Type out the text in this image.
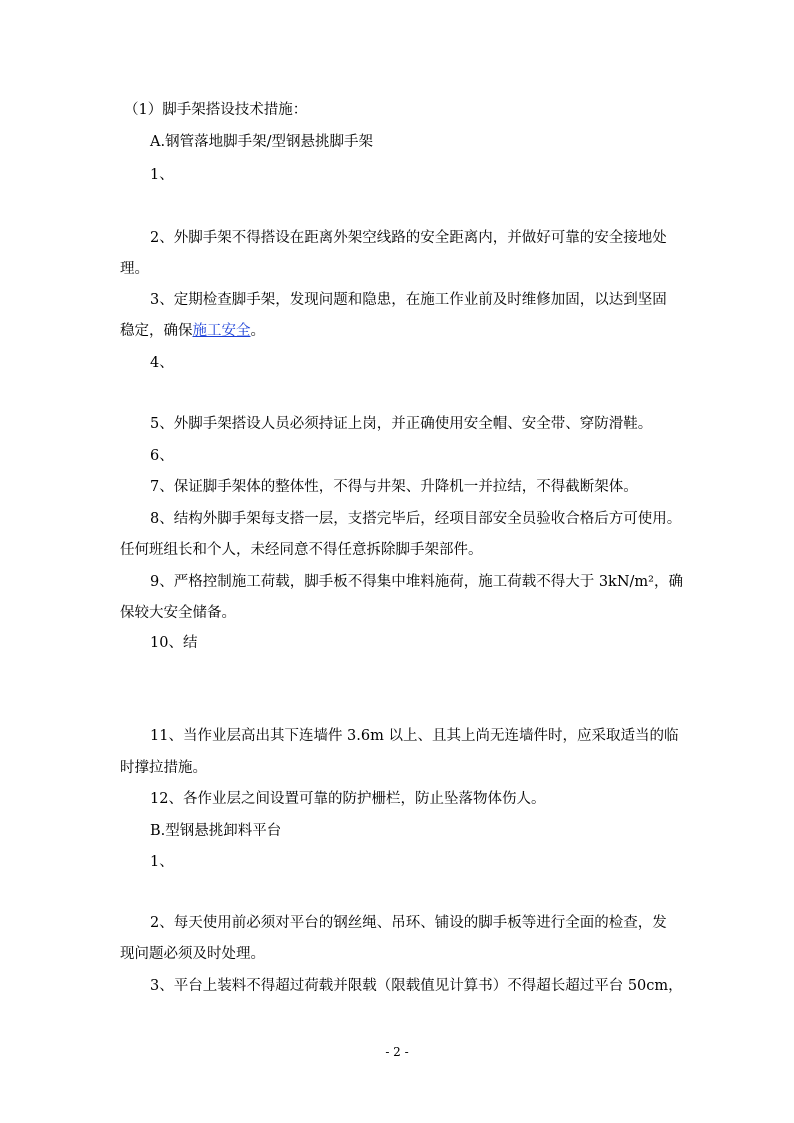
（1）脚手架搭设技术措施：
A.钢管落地脚手架/型钢悬挑脚手架
1、
2、外脚手架不得搭设在距离外架空线路的安全距离内，并做好可靠的安全接地处
理。
3、定期检查脚手架，发现问题和隐患，在施工作业前及时维修加固，以达到坚固
稳定，确保施工安全。
4、
5、外脚手架搭设人员必须持证上岗，并正确使用安全帽、安全带、穿防滑鞋。
6、
7、保证脚手架体的整体性，不得与井架、升降机一并拉结，不得截断架体。
8、结构外脚手架每支搭一层，支搭完毕后，经项目部安全员验收合格后方可使用。
任何班组长和个人，未经同意不得任意拆除脚手架部件。
9、严格控制施工荷载，脚手板不得集中堆料施荷，施工荷载不得大于 3kN/m²，确
保较大安全储备。
10、结
11、当作业层高出其下连墙件 3.6m 以上、且其上尚无连墙件时，应采取适当的临
时撑拉措施。
12、各作业层之间设置可靠的防护栅栏，防止坠落物体伤人。
B.型钢悬挑卸料平台
1、
2、每天使用前必须对平台的钢丝绳、吊环、铺设的脚手板等进行全面的检查，发
现问题必须及时处理。
3、平台上装料不得超过荷载并限载（限载值见计算书）不得超长超过平台 50cm，
- 2 -
